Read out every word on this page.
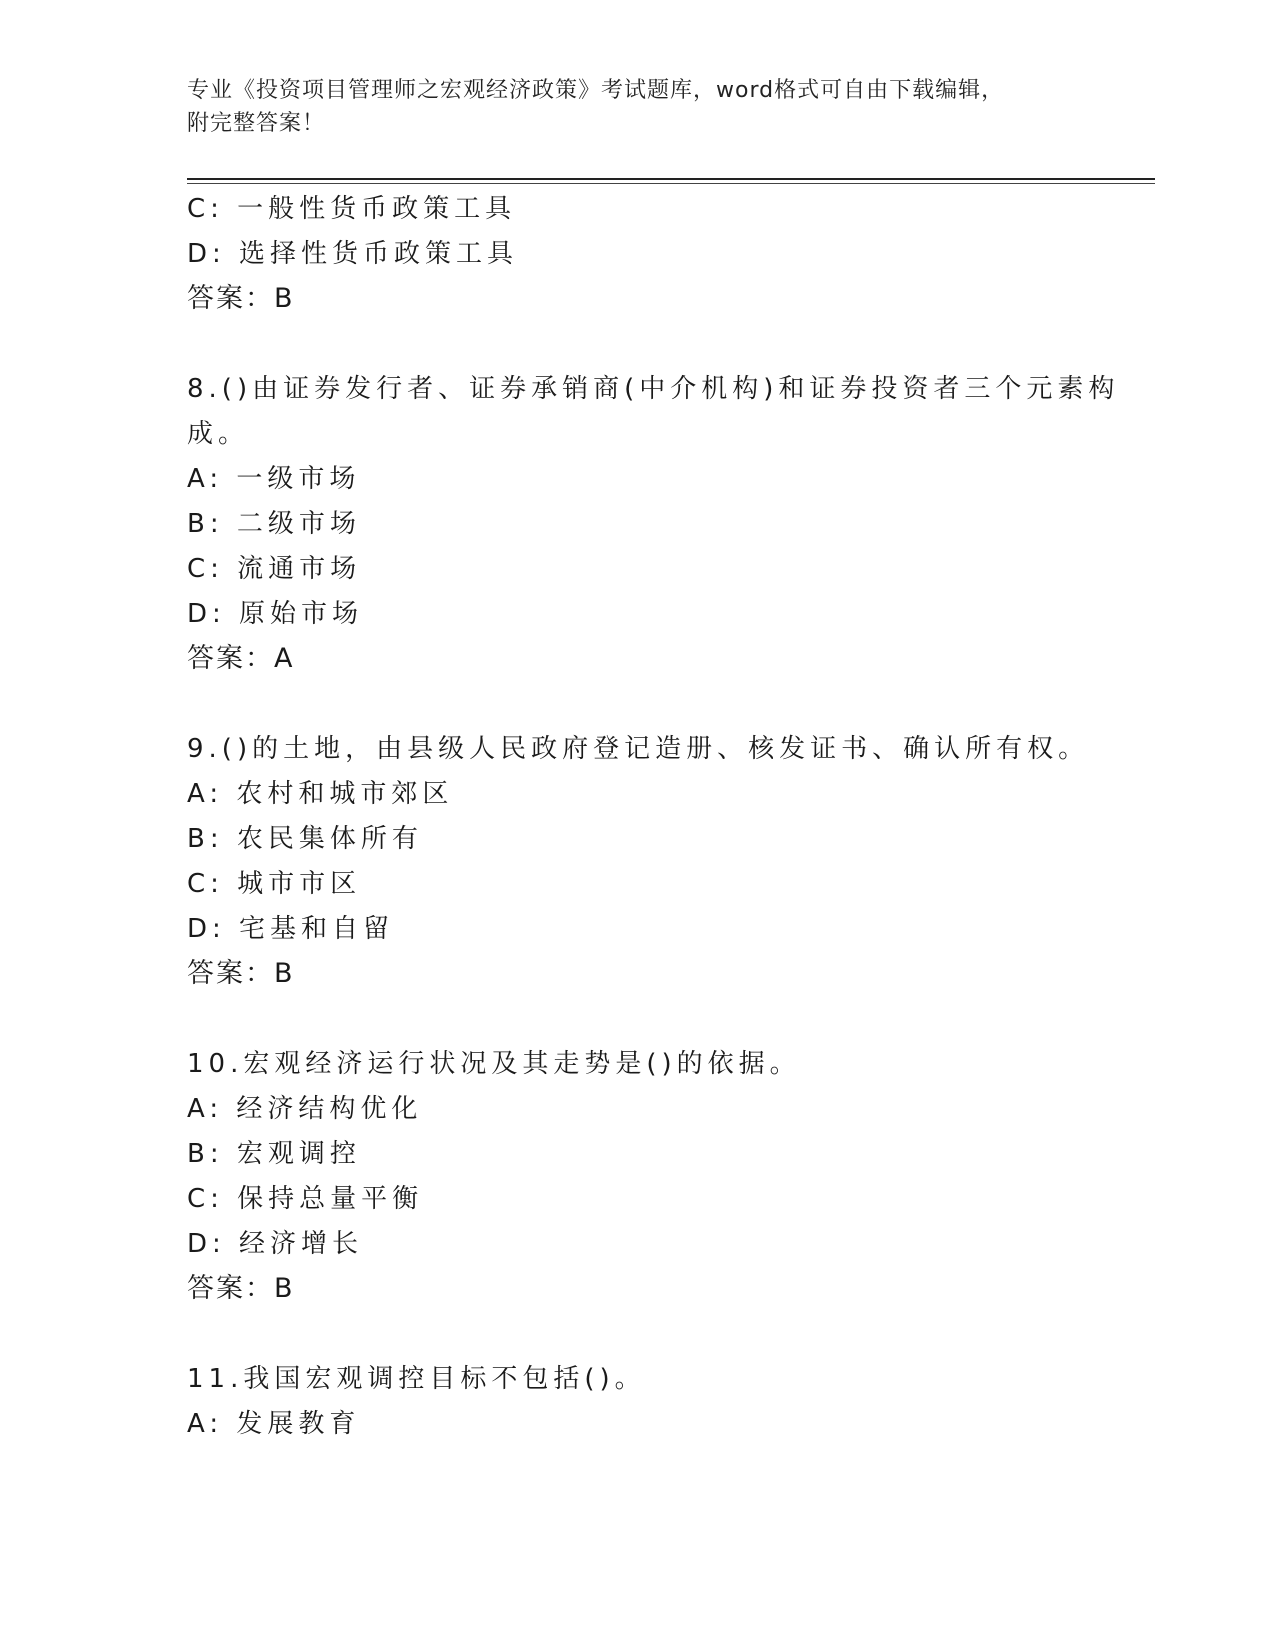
专业《投资项目管理师之宏观经济政策》考试题库，word格式可自由下载编辑，
附完整答案！
C: 一般性货币政策工具
D: 选择性货币政策工具
答案：B
8.()由证券发行者、证券承销商(中介机构)和证券投资者三个元素构
成。
A: 一级市场
B: 二级市场
C: 流通市场
D: 原始市场
答案：A
9.()的土地，由县级人民政府登记造册、核发证书、确认所有权。
A: 农村和城市郊区
B: 农民集体所有
C: 城市市区
D: 宅基和自留
答案：B
10.宏观经济运行状况及其走势是()的依据。
A: 经济结构优化
B: 宏观调控
C: 保持总量平衡
D: 经济增长
答案：B
11.我国宏观调控目标不包括()。
A: 发展教育
